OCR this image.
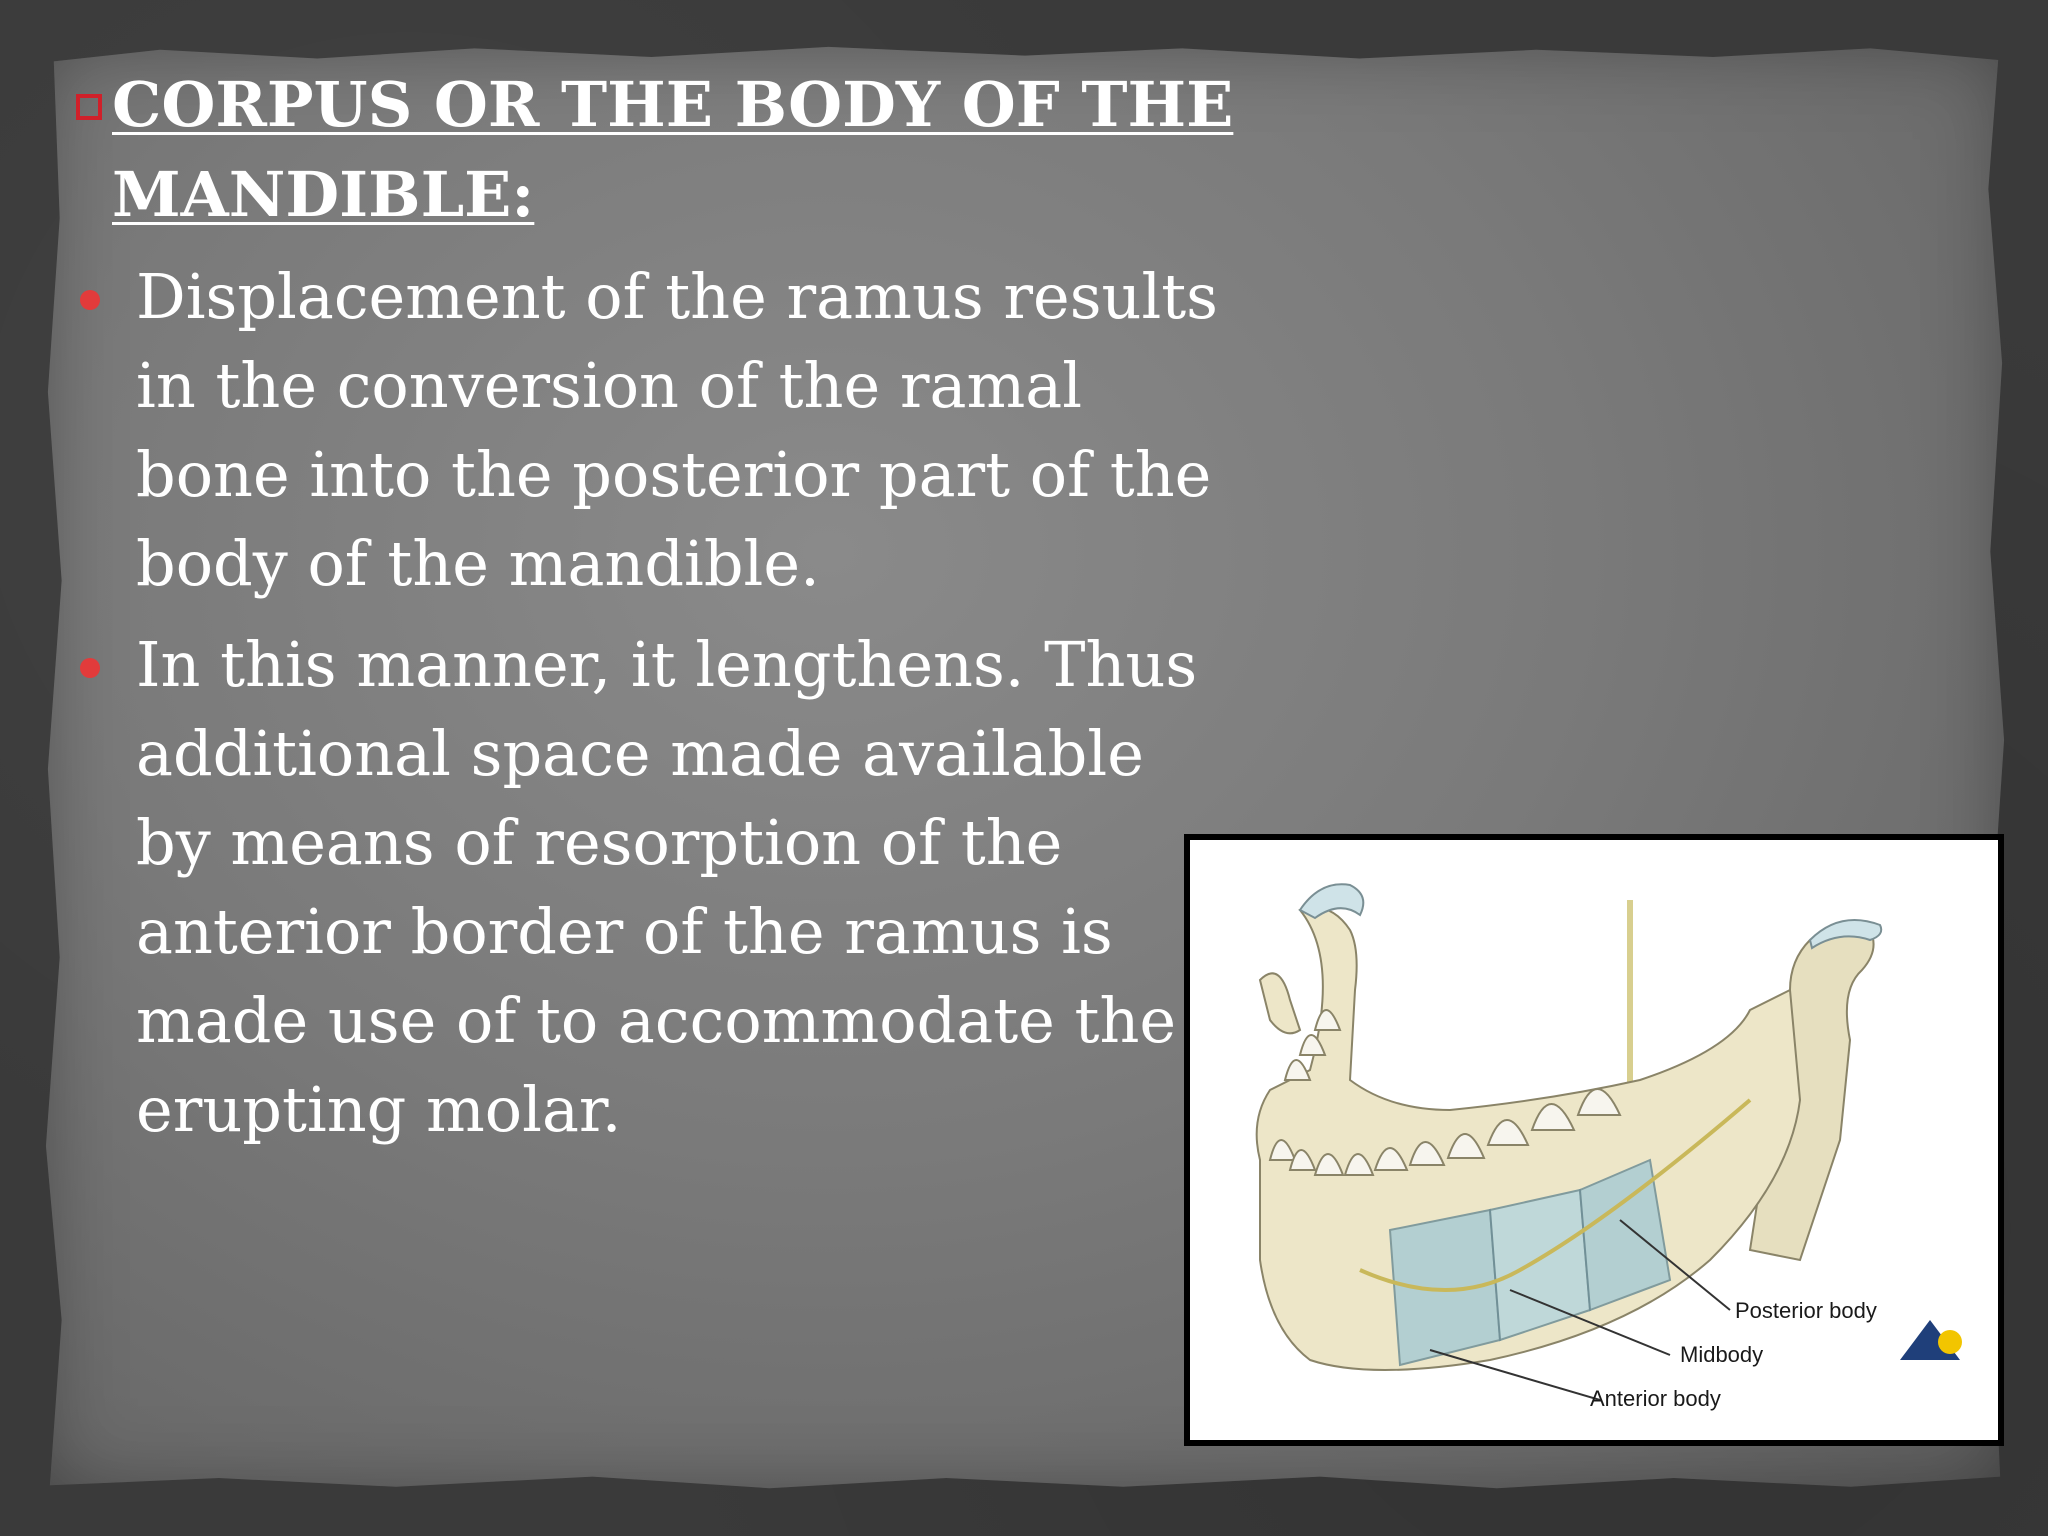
CORPUS OR THE BODY OF THE
MANDIBLE:

Displacement of the ramus results
in the conversion of the ramal
bone into the posterior part of the
body of the mandible.

In this manner, it lengthens. Thus
additional space made available
by means of resorption of the
anterior border of the ramus is
made use of to accommodate the
erupting molar.

Posterior body
Midbody
Anterior body
